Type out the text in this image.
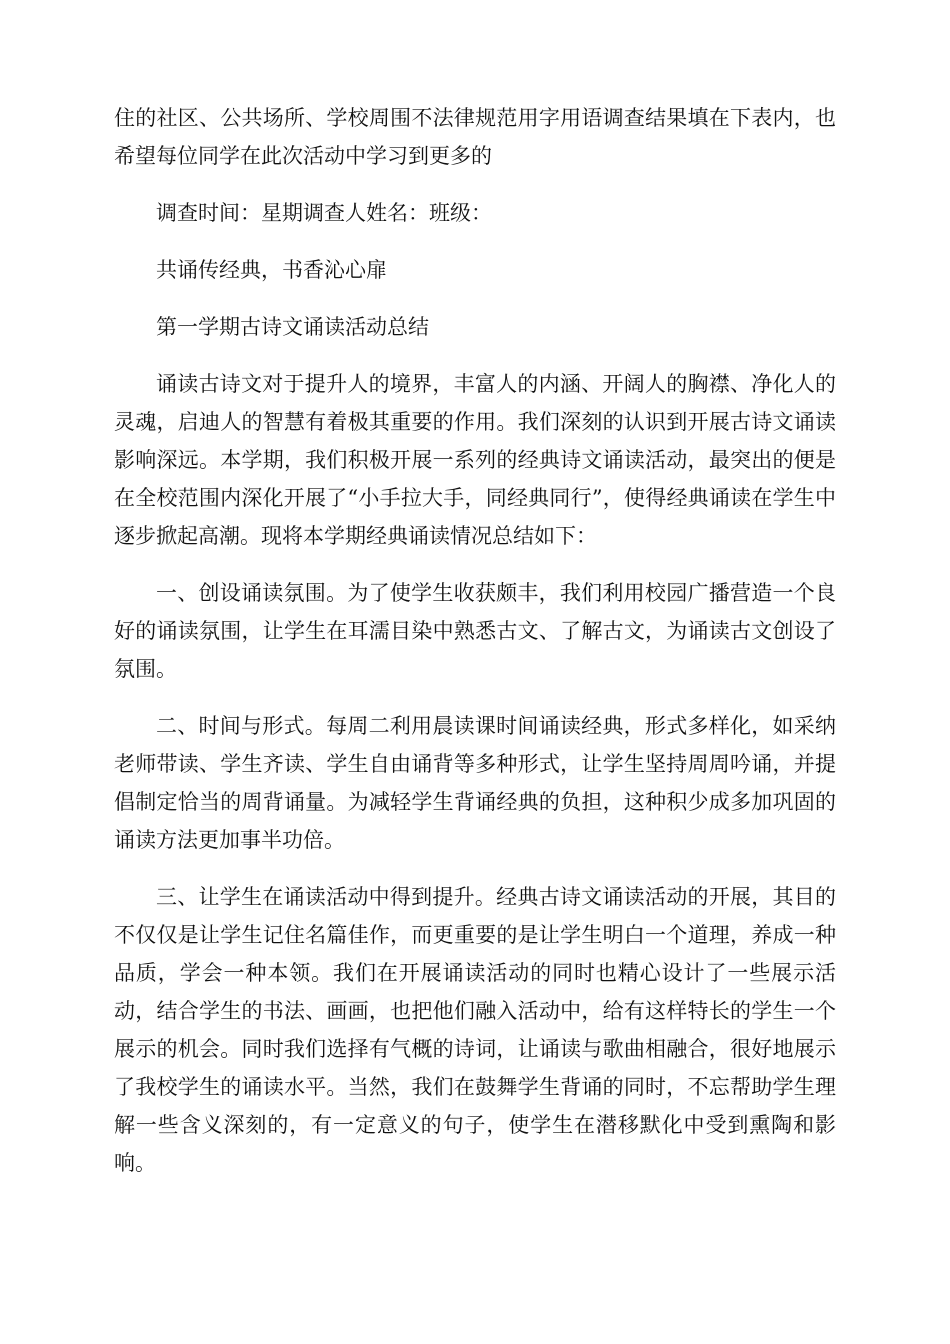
住的社区、公共场所、学校周围不法律规范用字用语调查结果填在下表内，也希望每位同学在此次活动中学习到更多的

调查时间：星期调查人姓名：班级：

共诵传经典，书香沁心扉

第一学期古诗文诵读活动总结

诵读古诗文对于提升人的境界，丰富人的内涵、开阔人的胸襟、净化人的灵魂，启迪人的智慧有着极其重要的作用。我们深刻的认识到开展古诗文诵读影响深远。本学期，我们积极开展一系列的经典诗文诵读活动，最突出的便是在全校范围内深化开展了“小手拉大手，同经典同行”，使得经典诵读在学生中逐步掀起高潮。现将本学期经典诵读情况总结如下：

一、创设诵读氛围。为了使学生收获颇丰，我们利用校园广播营造一个良好的诵读氛围，让学生在耳濡目染中熟悉古文、了解古文，为诵读古文创设了氛围。

二、时间与形式。每周二利用晨读课时间诵读经典，形式多样化，如采纳老师带读、学生齐读、学生自由诵背等多种形式，让学生坚持周周吟诵，并提倡制定恰当的周背诵量。为减轻学生背诵经典的负担，这种积少成多加巩固的诵读方法更加事半功倍。

三、让学生在诵读活动中得到提升。经典古诗文诵读活动的开展，其目的不仅仅是让学生记住名篇佳作，而更重要的是让学生明白一个道理，养成一种品质，学会一种本领。我们在开展诵读活动的同时也精心设计了一些展示活动，结合学生的书法、画画，也把他们融入活动中，给有这样特长的学生一个展示的机会。同时我们选择有气概的诗词，让诵读与歌曲相融合，很好地展示了我校学生的诵读水平。当然，我们在鼓舞学生背诵的同时，不忘帮助学生理解一些含义深刻的，有一定意义的句子，使学生在潜移默化中受到熏陶和影响。
